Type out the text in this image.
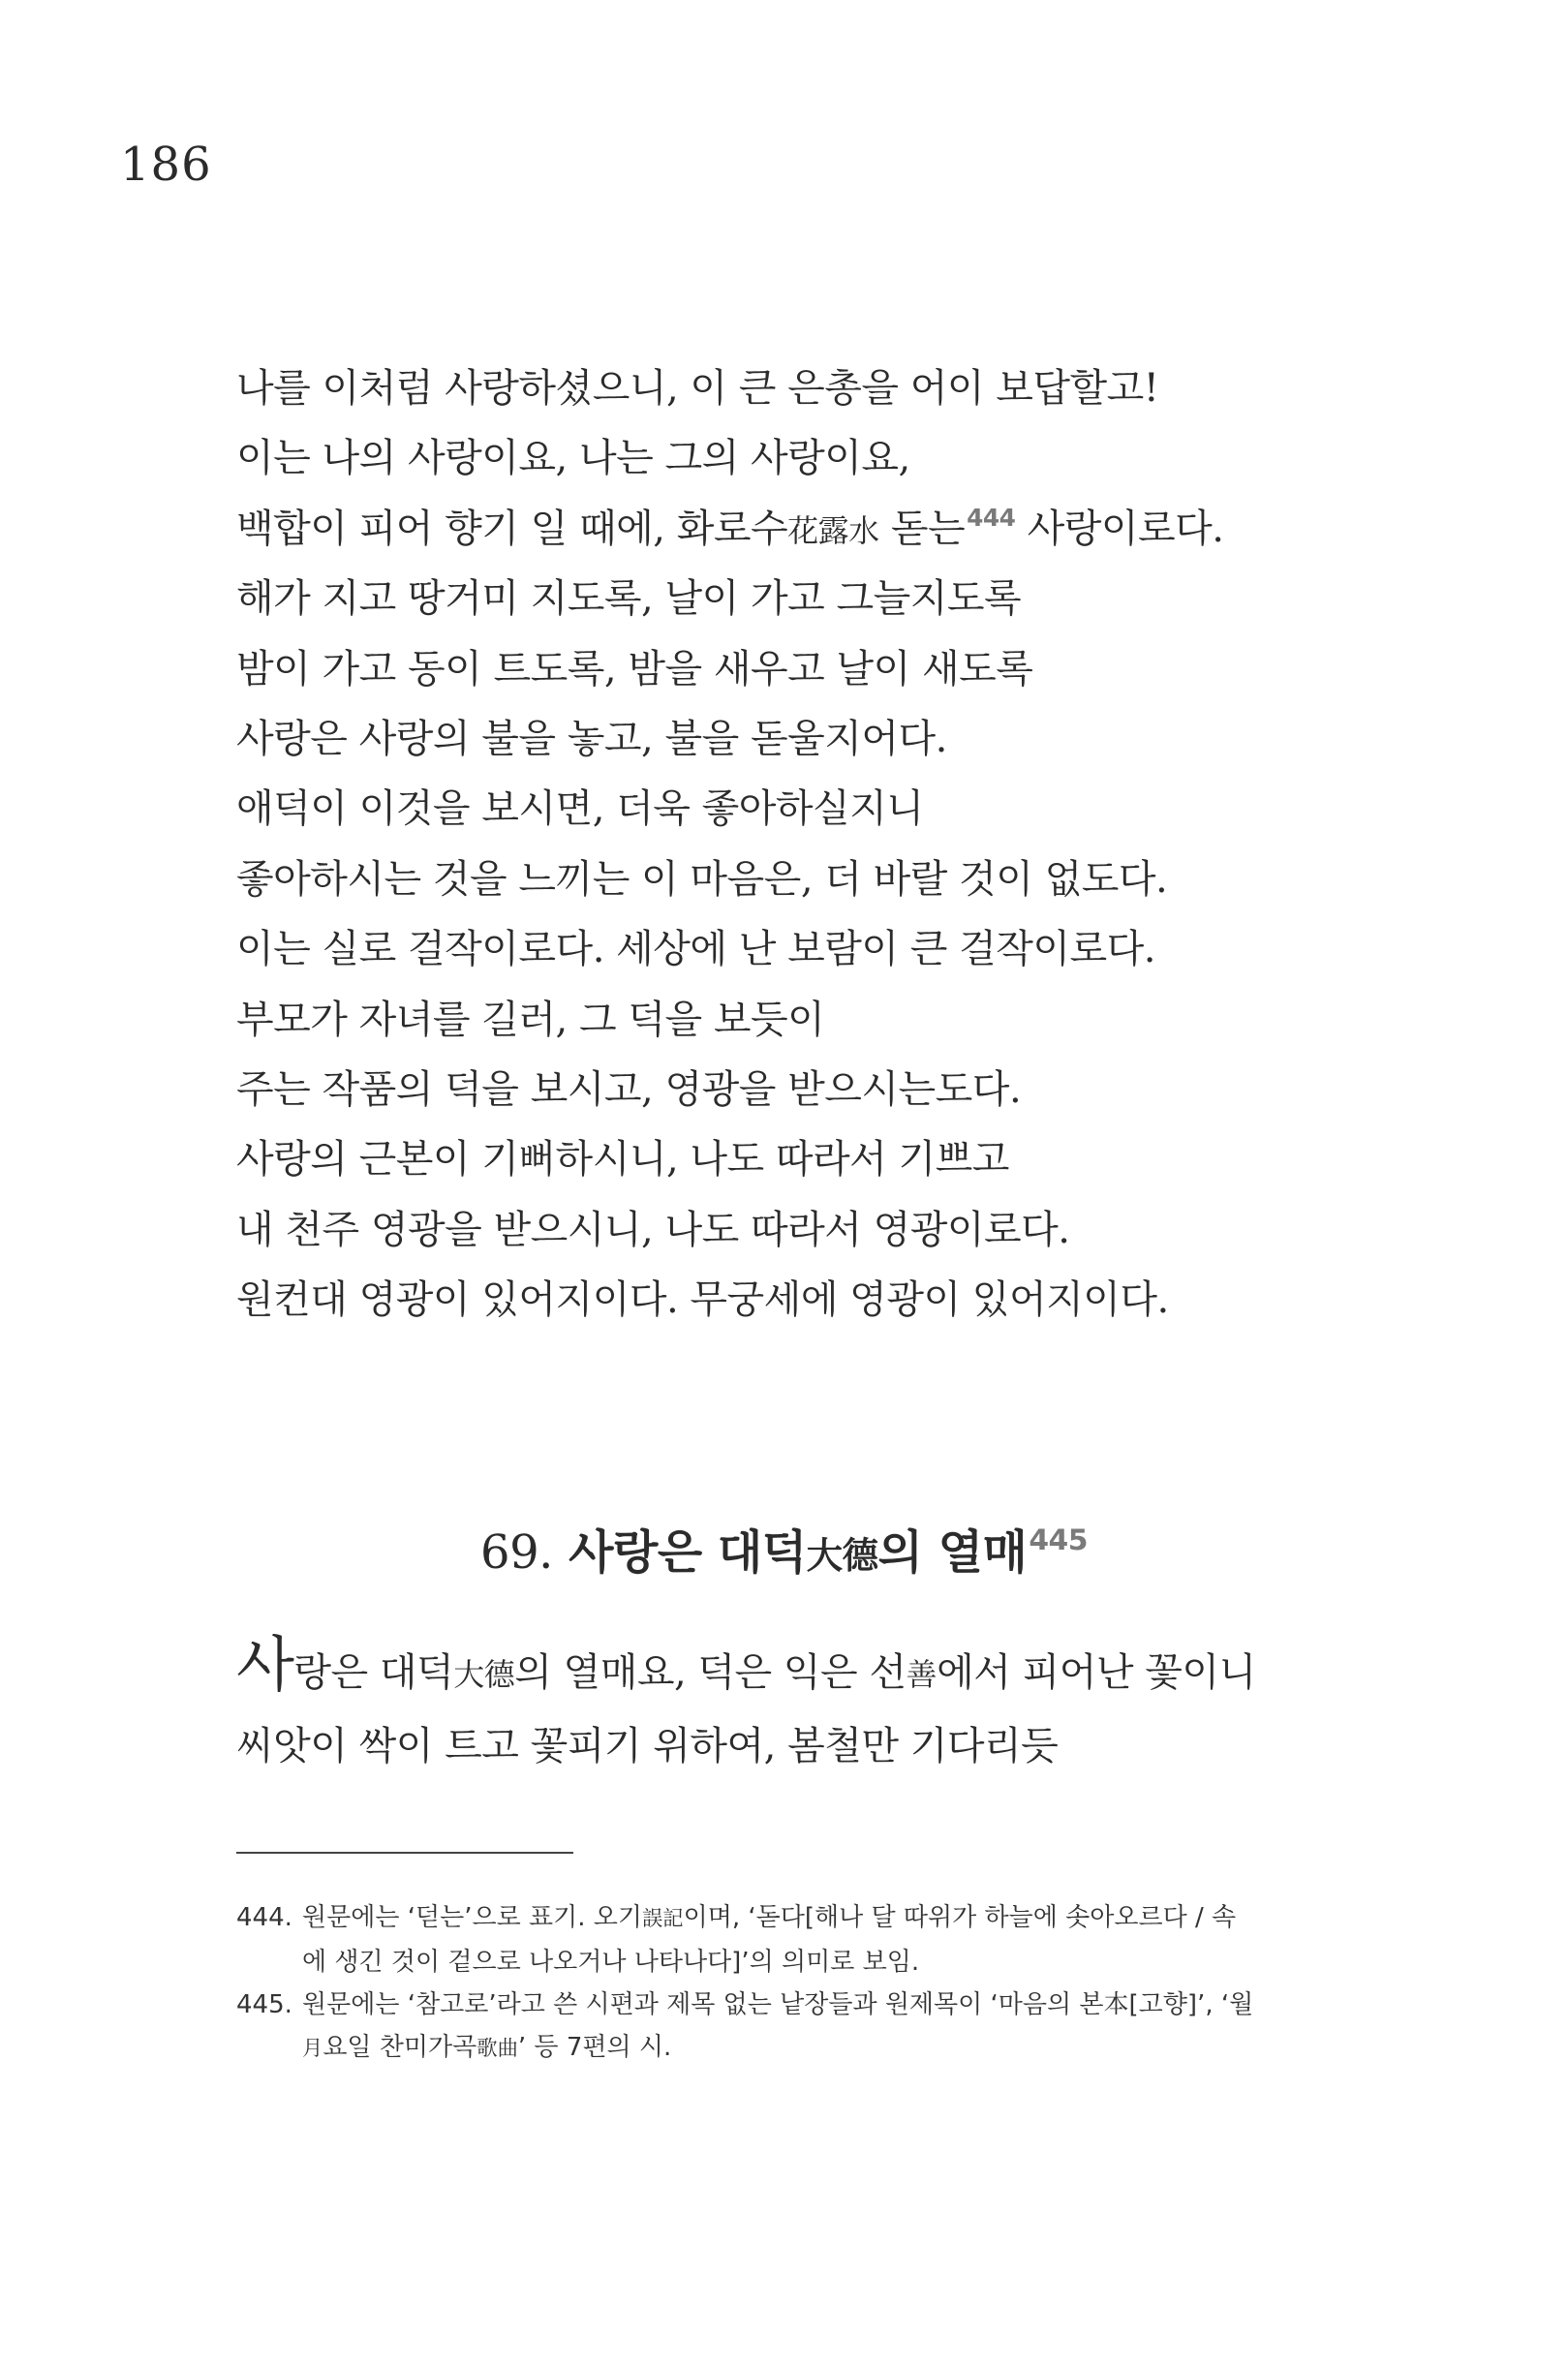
186
나를 이처럼 사랑하셨으니, 이 큰 은총을 어이 보답할고!
이는 나의 사랑이요, 나는 그의 사랑이요,
백합이 피어 향기 일 때에, 화로수花露水 돋는$^{444}$ 사랑이로다.
해가 지고 땅거미 지도록, 날이 가고 그늘지도록
밤이 가고 동이 트도록, 밤을 새우고 날이 새도록
사랑은 사랑의 불을 놓고, 불을 돋울지어다.
애덕이 이것을 보시면, 더욱 좋아하실지니
좋아하시는 것을 느끼는 이 마음은, 더 바랄 것이 없도다.
이는 실로 걸작이로다. 세상에 난 보람이 큰 걸작이로다.
부모가 자녀를 길러, 그 덕을 보듯이
주는 작품의 덕을 보시고, 영광을 받으시는도다.
사랑의 근본이 기뻐하시니, 나도 따라서 기쁘고
내 천주 영광을 받으시니, 나도 따라서 영광이로다.
원컨대 영광이 있어지이다. 무궁세에 영광이 있어지이다.
69. 사랑은 대덕大德의 열매$^{445}$
사랑은 대덕大德의 열매요, 덕은 익은 선善에서 피어난 꽃이니
씨앗이 싹이 트고 꽃피기 위하여, 봄철만 기다리듯
444. 원문에는 ‘덛는’으로 표기. 오기誤記이며, ‘돋다[해나 달 따위가 하늘에 솟아오르다 / 속
에 생긴 것이 겉으로 나오거나 나타나다]’의 의미로 보임.
445. 원문에는 ‘참고로’라고 쓴 시편과 제목 없는 낱장들과 원제목이 ‘마음의 본本[고향]’, ‘월
月요일 찬미가곡歌曲’ 등 7편의 시.
